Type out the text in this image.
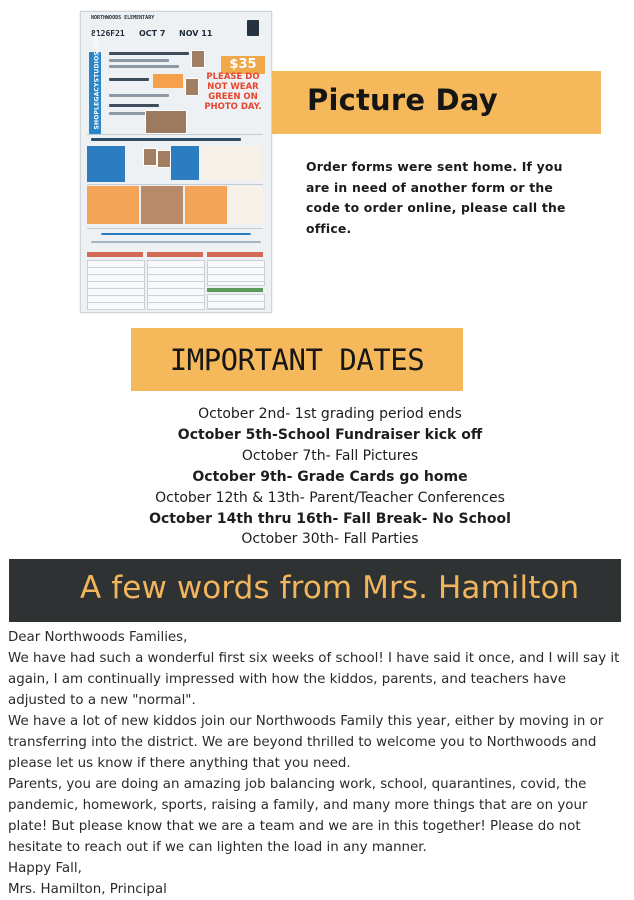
NORTHWOODS ELEMENTARY
8126F21 OCT 7 NOV 11
SHOPLEGACYSTUDIOS.COM	$35
PLEASE DO NOT WEAR GREEN ON PHOTO DAY. Picture Day
Order forms were sent home. If you are in need of another form or the code to order online, please call the office.
IMPORTANT DATES
October 2nd- 1st grading period ends
October 5th-School Fundraiser kick off
October 7th- Fall Pictures
October 9th- Grade Cards go home
October 12th & 13th- Parent/Teacher Conferences
October 14th thru 16th- Fall Break- No School
October 30th- Fall Parties
A few words from Mrs. Hamilton

Dear Northwoods Families,

We have had such a wonderful first six weeks of school! I have said it once, and I will say it again, I am continually impressed with how the kiddos, parents, and teachers have adjusted to a new "normal".

We have a lot of new kiddos join our Northwoods Family this year, either by moving in or transferring into the district. We are beyond thrilled to welcome you to Northwoods and please let us know if there anything that you need.

Parents, you are doing an amazing job balancing work, school, quarantines, covid, the pandemic, homework, sports, raising a family, and many more things that are on your plate! But please know that we are a team and we are in this together! Please do not hesitate to reach out if we can lighten the load in any manner.

Happy Fall,

Mrs. Hamilton, Principal
